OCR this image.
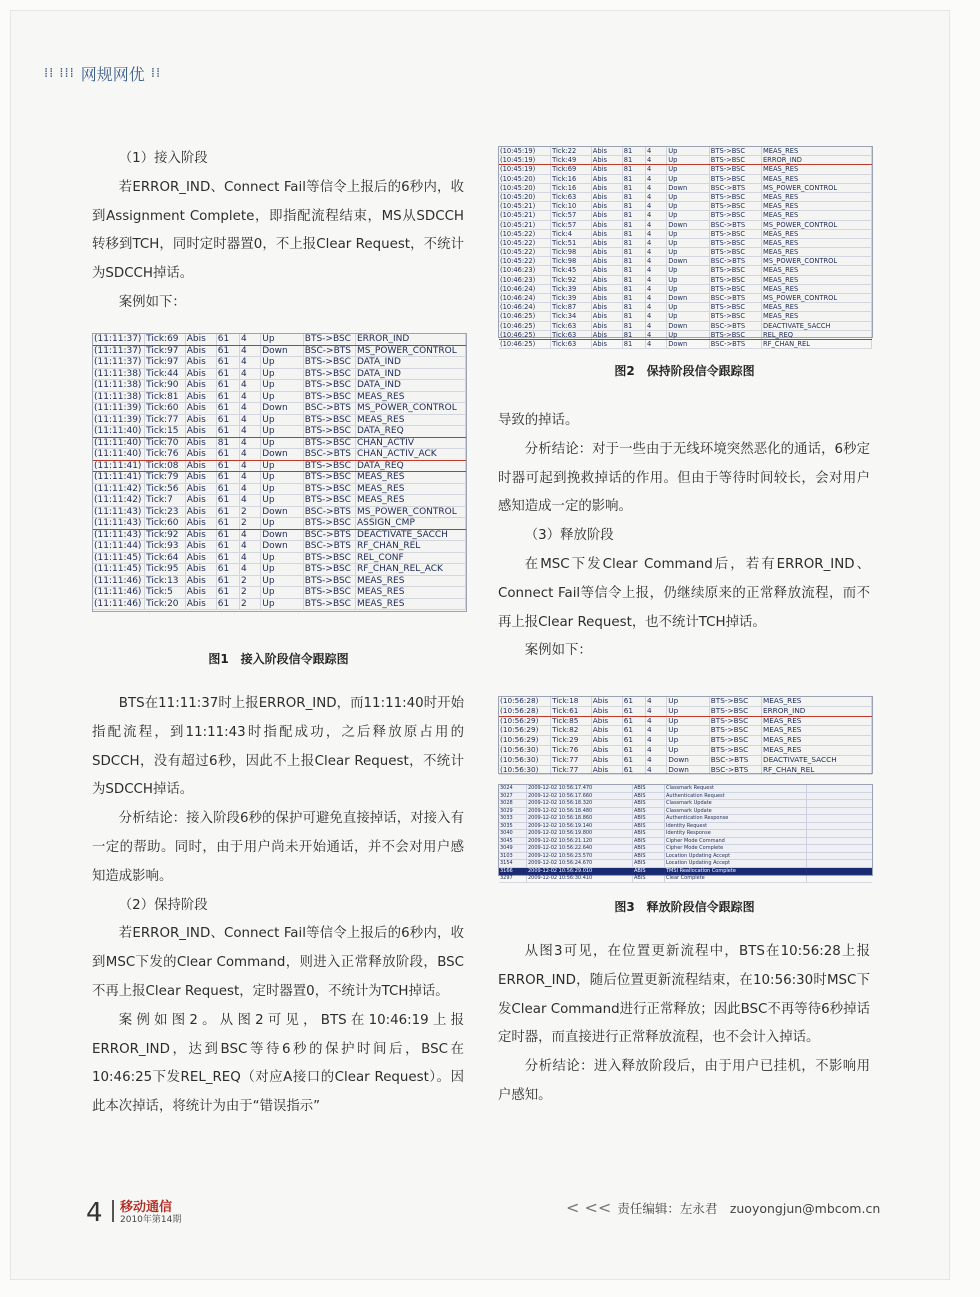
⁞⁞ ⁞⁞⁞ 网规网优 ⁞⁞

（1）接入阶段

若ERROR_IND、Connect Fail等信令上报后的6秒内，收到Assignment Complete，即指配流程结束，MS从SDCCH转移到TCH，同时定时器置0，不上报Clear Request，不统计为SDCCH掉话。

案例如下：

(11:11:37) Tick:69 Abis	61	4	Up	BTS->BSC ERROR_IND
(11:11:37) Tick:97 Abis	61	4	Down	BSC->BTS MS_POWER_CONTROL
(11:11:37) Tick:97 Abis	61	4	Up	BTS->BSC DATA_IND
(11:11:38) Tick:44 Abis	61	4	Up	BTS->BSC DATA_IND
(11:11:38) Tick:90 Abis	61	4	Up	BTS->BSC DATA_IND
(11:11:38) Tick:81 Abis	61	4	Up	BTS->BSC MEAS_RES
(11:11:39) Tick:60 Abis	61	4	Down	BSC->BTS MS_POWER_CONTROL
(11:11:39) Tick:77 Abis	61	4	Up	BTS->BSC MEAS_RES
(11:11:40) Tick:15 Abis	61	4	Up	BTS->BSC DATA_REQ
(11:11:40) Tick:70 Abis	81	4	Up	BTS->BSC CHAN_ACTIV
(11:11:40) Tick:76 Abis	61	4	Down	BSC->BTS CHAN_ACTIV_ACK
(11:11:41) Tick:08 Abis	61	4	Up	BTS->BSC DATA_REQ
(11:11:41) Tick:79 Abis	61	4	Up	BTS->BSC MEAS_RES
(11:11:42) Tick:56 Abis	61	4	Up	BTS->BSC MEAS_RES
(11:11:42) Tick:7	Abis	61	4	Up	BTS->BSC MEAS_RES
(11:11:43) Tick:23 Abis	61	2	Down	BSC->BTS MS_POWER_CONTROL
(11:11:43) Tick:60 Abis	61	2	Up	BTS->BSC ASSIGN_CMP
(11:11:43) Tick:92 Abis	61	4	Down	BSC->BTS DEACTIVATE_SACCH
(11:11:44) Tick:93 Abis	61	4	Down	BSC->BTS RF_CHAN_REL
(11:11:45) Tick:64 Abis	61	4	Up	BTS->BSC REL_CONF
(11:11:45) Tick:95 Abis	61	4	Up	BTS->BSC RF_CHAN_REL_ACK
(11:11:46) Tick:13 Abis	61	2	Up	BTS->BSC MEAS_RES
(11:11:46) Tick:5	Abis	61	2	Up	BTS->BSC MEAS_RES
(11:11:46) Tick:20 Abis	61	2	Up	BTS->BSC MEAS_RES
图1　接入阶段信令跟踪图

BTS在11:11:37时上报ERROR_IND，而11:11:40时开始指配流程，到11:11:43时指配成功，之后释放原占用的SDCCH，没有超过6秒，因此不上报Clear Request，不统计为SDCCH掉话。

分析结论：接入阶段6秒的保护可避免直接掉话，对接入有一定的帮助。同时，由于用户尚未开始通话，并不会对用户感知造成影响。

（2）保持阶段

若ERROR_IND、Connect Fail等信令上报后的6秒内，收到MSC下发的Clear Command，则进入正常释放阶段，BSC不再上报Clear Request，定时器置0，不统计为TCH掉话。

案例如图2。从图2可见，BTS在10:46:19上报ERROR_IND，达到BSC等待6秒的保护时间后，BSC在10:46:25下发REL_REQ（对应A接口的Clear Request）。因此本次掉话，将统计为由于“错误指示”

(10:45:19)	Tick:22	Abis	81	4	Up	BTS->BSC	MEAS_RES
(10:45:19)	Tick:49	Abis	81	4	Up	BTS->BSC	ERROR_IND
(10:45:19)	Tick:69	Abis	81	4	Up	BTS->BSC	MEAS_RES
(10:45:20)	Tick:16	Abis	81	4	Up	BTS->BSC	MEAS_RES
(10:45:20)	Tick:16	Abis	81	4	Down	BSC->BTS	MS_POWER_CONTROL
(10:45:20)	Tick:63	Abis	81	4	Up	BTS->BSC	MEAS_RES
(10:45:21)	Tick:10	Abis	81	4	Up	BTS->BSC	MEAS_RES
(10:45:21)	Tick:57	Abis	81	4	Up	BTS->BSC	MEAS_RES
(10:45:21)	Tick:57	Abis	81	4	Down	BSC->BTS	MS_POWER_CONTROL
(10:45:22)	Tick:4	Abis	81	4	Up	BTS->BSC	MEAS_RES
(10:45:22)	Tick:51	Abis	81	4	Up	BTS->BSC	MEAS_RES
(10:45:22)	Tick:98	Abis	81	4	Up	BTS->BSC	MEAS_RES
(10:45:22)	Tick:98	Abis	81	4	Down	BSC->BTS	MS_POWER_CONTROL
(10:46:23)	Tick:45	Abis	81	4	Up	BTS->BSC	MEAS_RES
(10:46:23)	Tick:92	Abis	81	4	Up	BTS->BSC	MEAS_RES
(10:46:24)	Tick:39	Abis	81	4	Up	BTS->BSC	MEAS_RES
(10:46:24)	Tick:39	Abis	81	4	Down	BSC->BTS	MS_POWER_CONTROL
(10:46:24)	Tick:87	Abis	81	4	Up	BTS->BSC	MEAS_RES
(10:46:25)	Tick:34	Abis	81	4	Up	BTS->BSC	MEAS_RES
(10:46:25)	Tick:63	Abis	81	4	Down	BSC->BTS	DEACTIVATE_SACCH
(10:46:25)	Tick:63	Abis	81	4	Up	BTS->BSC	REL_REQ
(10:46:25)	Tick:63	Abis	81	4	Down	BSC->BTS	RF_CHAN_REL
图2　保持阶段信令跟踪图

导致的掉话。

分析结论：对于一些由于无线环境突然恶化的通话，6秒定时器可起到挽救掉话的作用。但由于等待时间较长，会对用户感知造成一定的影响。

（3）释放阶段

在MSC下发Clear Command后，若有ERROR_IND、Connect Fail等信令上报，仍继续原来的正常释放流程，而不再上报Clear Request，也不统计TCH掉话。

案例如下：

(10:56:28)	Tick:18	Abis	61	4	Up	BTS->BSC	MEAS_RES
(10:56:28)	Tick:61	Abis	61	4	Up	BTS->BSC	ERROR_IND
(10:56:29)	Tick:85	Abis	61	4	Up	BTS->BSC	MEAS_RES
(10:56:29)	Tick:82	Abis	61	4	Up	BTS->BSC	MEAS_RES
(10:56:29)	Tick:29	Abis	61	4	Up	BTS->BSC	MEAS_RES
(10:56:30)	Tick:76	Abis	61	4	Up	BTS->BSC	MEAS_RES
(10:56:30)	Tick:77	Abis	61	4	Down	BSC->BTS	DEACTIVATE_SACCH
(10:56:30)	Tick:77	Abis	61	4	Down	BSC->BTS	RF_CHAN_REL
3024	2009-12-02 10:56:17.470	ABIS	Classmark Request
3027	2009-12-02 10:56:17.660	ABIS	Authentication Request
3028	2009-12-02 10:56:18.320	ABIS	Classmark Update
3029	2009-12-02 10:56:18.480	ABIS	Classmark Update
3033	2009-12-02 10:56:18.860	ABIS	Authentication Response
3035	2009-12-02 10:56:19.140	ABIS	Identity Request
3040	2009-12-02 10:56:19.800	ABIS	Identity Response
3045	2009-12-02 10:56:21.120	ABIS	Cipher Mode Command
3049	2009-12-02 10:56:22.640	ABIS	Cipher Mode Complete
3103	2009-12-02 10:56:23.570	ABIS	Location Updating Accept
3154	2009-12-02 10:56:24.670	ABIS	Location Updating Accept
3166	2009-12-02 10:56:29.010	ABIS	TMSI Reallocation Complete
3297	2009-12-02 10:56:30.410	ABIS	Clear Complete
图3　释放阶段信令跟踪图

从图3可见，在位置更新流程中，BTS在10:56:28上报ERROR_IND，随后位置更新流程结束，在10:56:30时MSC下发Clear Command进行正常释放；因此BSC不再等待6秒掉话定时器，而直接进行正常释放流程，也不会计入掉话。

分析结论：进入释放阶段后，由于用户已挂机，不影响用户感知。

4 移动通信
2010年第14期
< << 责任编辑：左永君　zuoyongjun@mbcom.cn
